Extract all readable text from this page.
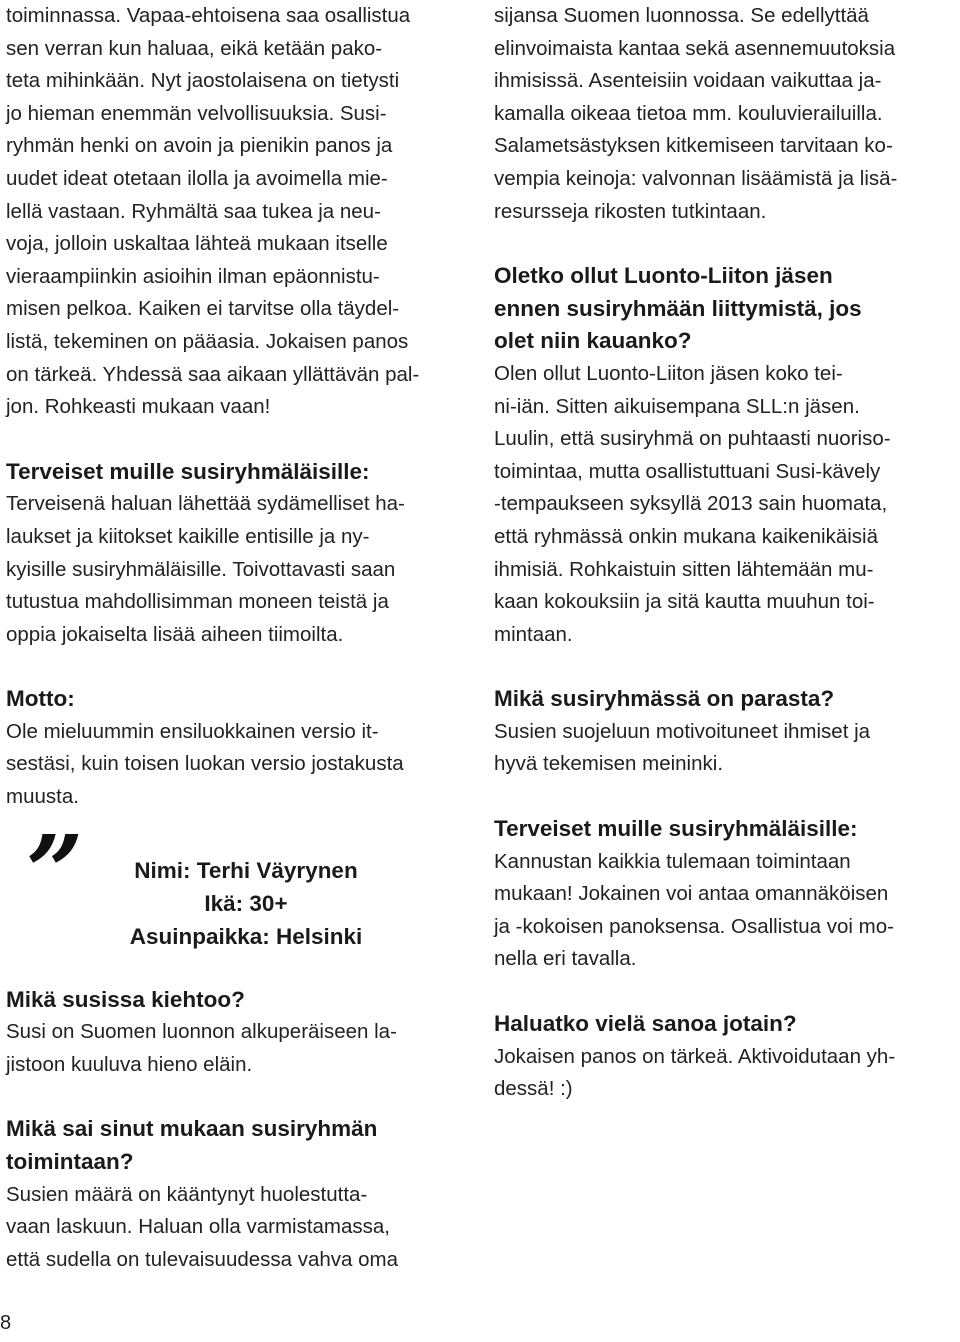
toiminnassa. Vapaa-ehtoisena saa osallistua
sen verran kun haluaa, eikä ketään pako-
teta mihinkään. Nyt jaostolaisena on tietysti
jo hieman enemmän velvollisuuksia. Susi-
ryhmän henki on avoin ja pienikin panos ja
uudet ideat otetaan ilolla ja avoimella mie-
lellä vastaan. Ryhmältä saa tukea ja neu-
voja, jolloin uskaltaa lähteä mukaan itselle
vieraampiinkin asioihin ilman epäonnistu-
misen pelkoa. Kaiken ei tarvitse olla täydel-
listä, tekeminen on pääasia. Jokaisen panos
on tärkeä. Yhdessä saa aikaan yllättävän pal-
jon. Rohkeasti mukaan vaan!

Terveiset muille susiryhmäläisille:

Terveisenä haluan lähettää sydämelliset ha-
laukset ja kiitokset kaikille entisille ja ny-
kyisille susiryhmäläisille. Toivottavasti saan
tutustua mahdollisimman moneen teistä ja
oppia jokaiselta lisää aiheen tiimoilta.

Motto:

Ole mieluummin ensiluokkainen versio it-
sestäsi, kuin toisen luokan versio jostakusta
muusta.

”	Nimi: Terhi Väyrynen
Ikä: 30+
Asuinpaikka: Helsinki

Mikä susissa kiehtoo?

Susi on Suomen luonnon alkuperäiseen la-
jistoon kuuluva hieno eläin.

Mikä sai sinut mukaan susiryhmän
toimintaan?

Susien määrä on kääntynyt huolestutta-
vaan laskuun. Haluan olla varmistamassa,
että sudella on tulevaisuudessa vahva oma

sijansa Suomen luonnossa. Se edellyttää
elinvoimaista kantaa sekä asennemuutoksia
ihmisissä. Asenteisiin voidaan vaikuttaa ja-
kamalla oikeaa tietoa mm. kouluvierailuilla.
Salametsästyksen kitkemiseen tarvitaan ko-
vempia keinoja: valvonnan lisäämistä ja lisä-
resursseja rikosten tutkintaan.

Oletko ollut Luonto-Liiton jäsen
ennen susiryhmään liittymistä, jos
olet niin kauanko?

Olen ollut Luonto-Liiton jäsen koko tei-
ni-iän. Sitten aikuisempana SLL:n jäsen.
Luulin, että susiryhmä on puhtaasti nuoriso-
toimintaa, mutta osallistuttuani Susi-kävely
-tempaukseen syksyllä 2013 sain huomata,
että ryhmässä onkin mukana kaikenikäisiä
ihmisiä. Rohkaistuin sitten lähtemään mu-
kaan kokouksiin ja sitä kautta muuhun toi-
mintaan.

Mikä susiryhmässä on parasta?

Susien suojeluun motivoituneet ihmiset ja
hyvä tekemisen meininki.

Terveiset muille susiryhmäläisille:

Kannustan kaikkia tulemaan toimintaan
mukaan! Jokainen voi antaa omannäköisen
ja -kokoisen panoksensa. Osallistua voi mo-
nella eri tavalla.

Haluatko vielä sanoa jotain?

Jokaisen panos on tärkeä. Aktivoidutaan yh-
dessä! :)

8
